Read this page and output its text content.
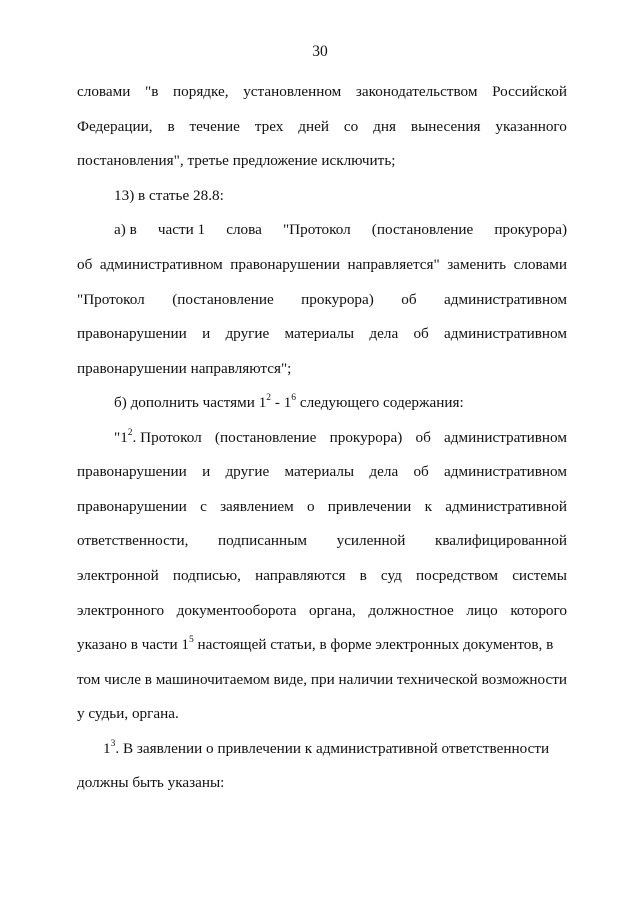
30
словами "в порядке, установленном законодательством Российской
Федерации, в течение трех дней со дня вынесения указанного
постановления", третье предложение исключить;
13) в статье 28.8:
а) в части 1 слова "Протокол (постановление прокурора)
об административном правонарушении направляется" заменить словами
"Протокол (постановление прокурора) об административном
правонарушении и другие материалы дела об административном
правонарушении направляются";
б) дополнить частями $1^2 - 1^6$ следующего содержания:
"$1^2$. Протокол (постановление прокурора) об административном
правонарушении и другие материалы дела об административном
правонарушении с заявлением о привлечении к административной
ответственности, подписанным усиленной квалифицированной
электронной подписью, направляются в суд посредством системы
электронного документооборота органа, должностное лицо которого
указано в части $1^5$ настоящей статьи, в форме электронных документов, в
том числе в машиночитаемом виде, при наличии технической возможности
у судьи, органа.
$1^3$. В заявлении о привлечении к административной ответственности
должны быть указаны:
